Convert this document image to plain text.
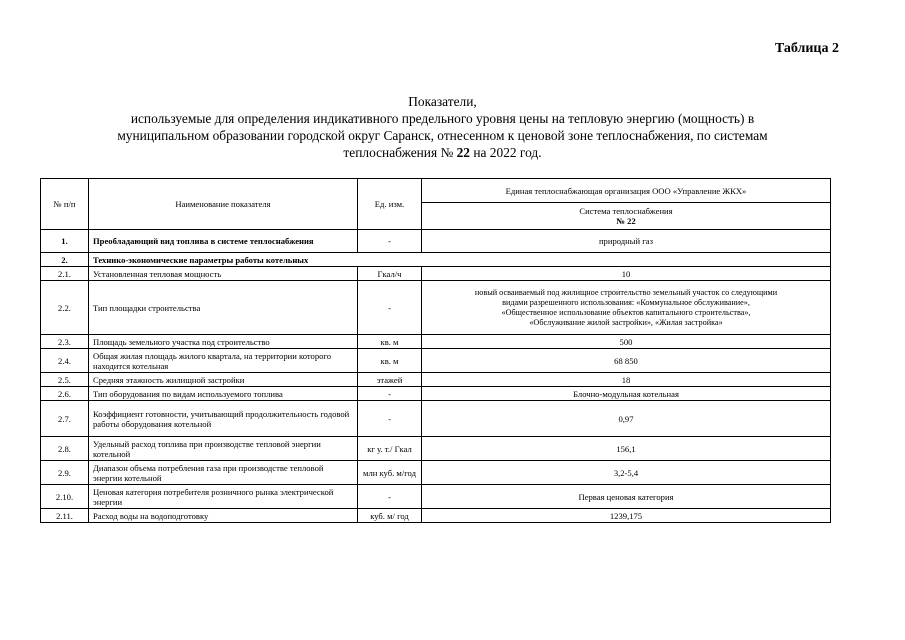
Таблица 2
Показатели,
используемые для определения индикативного предельного уровня цены на тепловую энергию (мощность) в
муниципальном образовании городской округ Саранск, отнесенном к ценовой зоне теплоснабжения, по системам
теплоснабжения № 22 на 2022 год.
№ п/п	Наименование показателя	Ед. изм.	Единая теплоснабжающая организация ООО «Управление ЖКХ»

			Система теплоснабжения
№ 22

1.	Преобладающий вид топлива в системе теплоснабжения	-	природный газ
2.	Технико-экономические параметры работы котельных		
2.1.	Установленная тепловая мощность	Гкал/ч	10
2.2.	Тип площадки строительства	-	новый осваиваемый под жилищное строительство земельный участок со следующими
видами разрешенного использования: «Коммунальное обслуживание»,
«Общественное использование объектов капитального строительства»,
«Обслуживание жилой застройки», «Жилая застройка»

2.3.	Площадь земельного участка под строительство	кв. м	500
2.4.	Общая жилая площадь жилого квартала, на территории которого находится котельная	кв. м	68 850
2.5.	Средняя этажность жилищной застройки	этажей	18
2.6.	Тип оборудования по видам используемого топлива	-	Блочно-модульная котельная
2.7.	Коэффициент готовности, учитывающий продолжительность годовой работы оборудования котельной	-	0,97
2.8.	Удельный расход топлива при производстве тепловой энергии котельной	кг у. т./ Гкал	156,1
2.9.	Диапазон объема потребления газа при производстве тепловой энергии котельной	млн куб. м/год	3,2-5,4
2.10.	Ценовая категория потребителя розничного рынка электрической энергии	-	Первая ценовая категория
2.11.	Расход воды на водоподготовку	куб. м/ год	1239,175
